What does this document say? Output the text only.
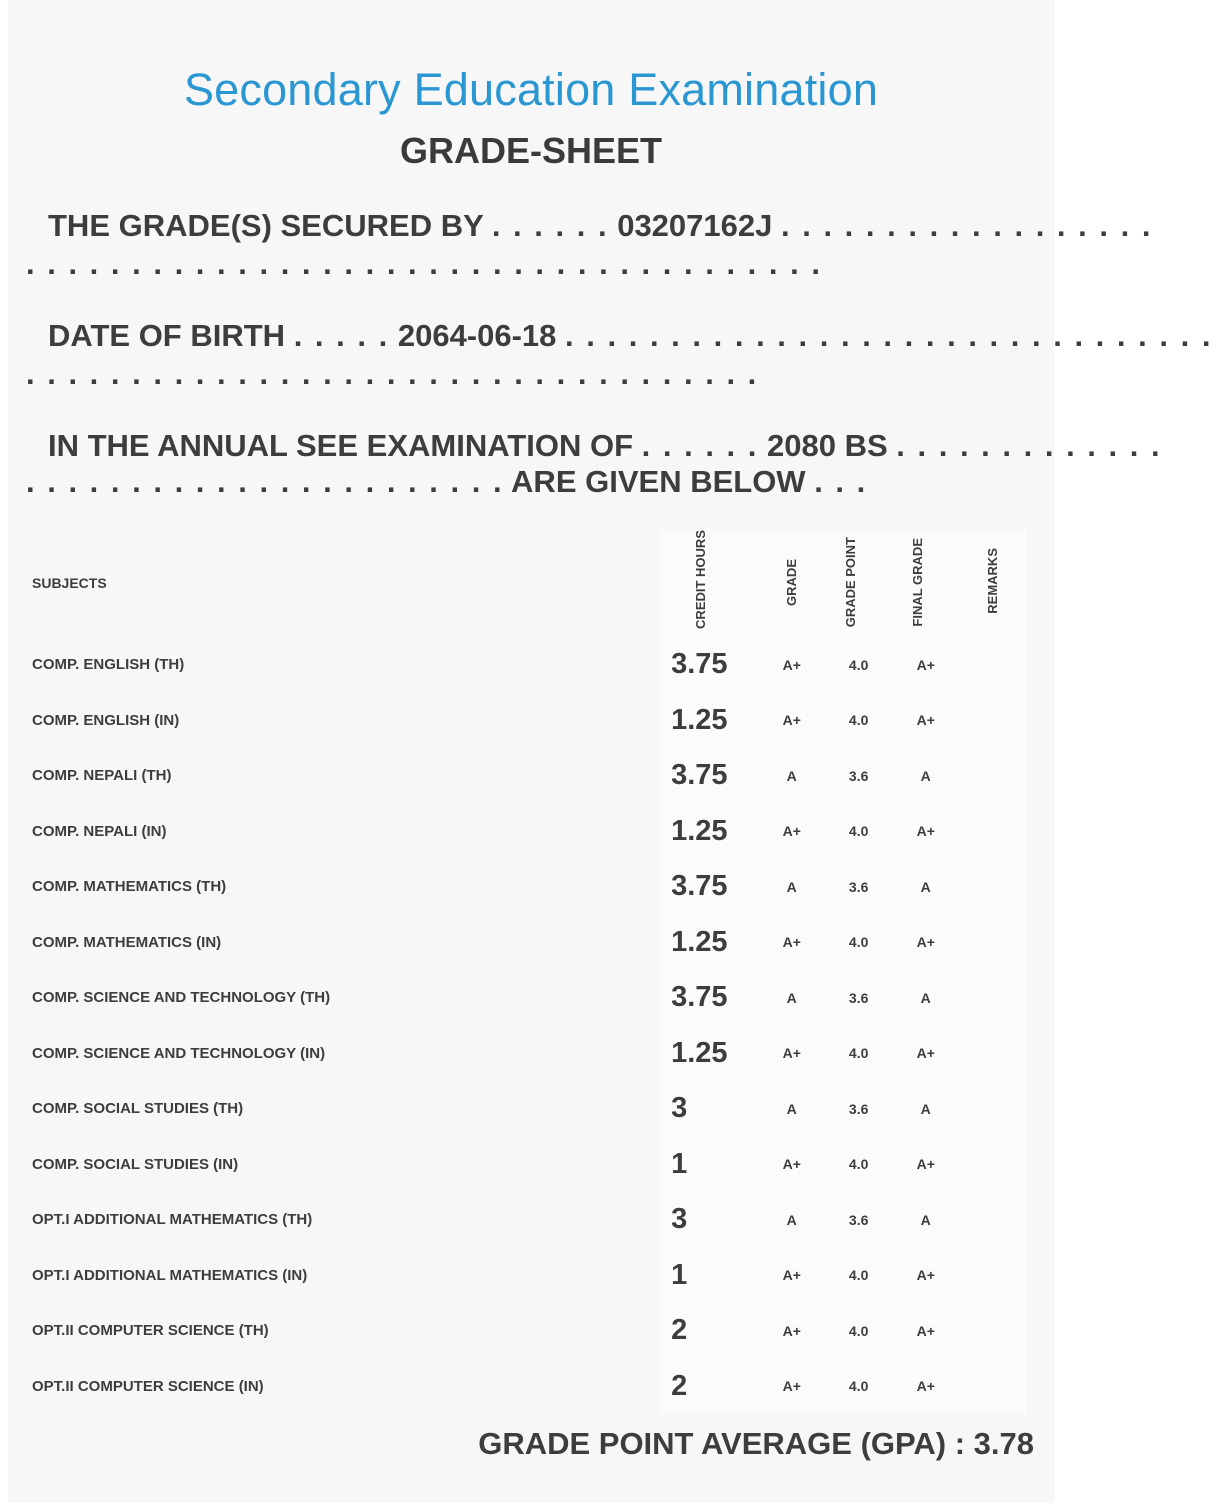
Secondary Education Examination
GRADE-SHEET
THE GRADE(S) SECURED BY . . . . . . 03207162J . . . . . . . . . . . . . . . . . .
. . . . . . . . . . . . . . . . . . . . . . . . . . . . . . . . . . . . . .
DATE OF BIRTH . . . . . 2064-06-18 . . . . . . . . . . . . . . . . . . . . . . . . . . . . . . .
. . . . . . . . . . . . . . . . . . . . . . . . . . . . . . . . . . .
IN THE ANNUAL SEE EXAMINATION OF . . . . . . 2080 BS . . . . . . . . . . . . .
. . . . . . . . . . . . . . . . . . . . . . . ARE GIVEN BELOW . . .
SUBJECTS	CREDIT HOURS	GRADE	GRADE POINT	FINAL GRADE	REMARKS
COMP. ENGLISH (TH)	3.75	A+	4.0	A+	
COMP. ENGLISH (IN)	1.25	A+	4.0	A+	
COMP. NEPALI (TH)	3.75	A	3.6	A	
COMP. NEPALI (IN)	1.25	A+	4.0	A+	
COMP. MATHEMATICS (TH)	3.75	A	3.6	A	
COMP. MATHEMATICS (IN)	1.25	A+	4.0	A+	
COMP. SCIENCE AND TECHNOLOGY (TH)	3.75	A	3.6	A	
COMP. SCIENCE AND TECHNOLOGY (IN)	1.25	A+	4.0	A+	
COMP. SOCIAL STUDIES (TH)	3	A	3.6	A	
COMP. SOCIAL STUDIES (IN)	1	A+	4.0	A+	
OPT.I ADDITIONAL MATHEMATICS (TH)	3	A	3.6	A	
OPT.I ADDITIONAL MATHEMATICS (IN)	1	A+	4.0	A+	
OPT.II COMPUTER SCIENCE (TH)	2	A+	4.0	A+	
OPT.II COMPUTER SCIENCE (IN)	2	A+	4.0	A+	
GRADE POINT AVERAGE (GPA) : 3.78
